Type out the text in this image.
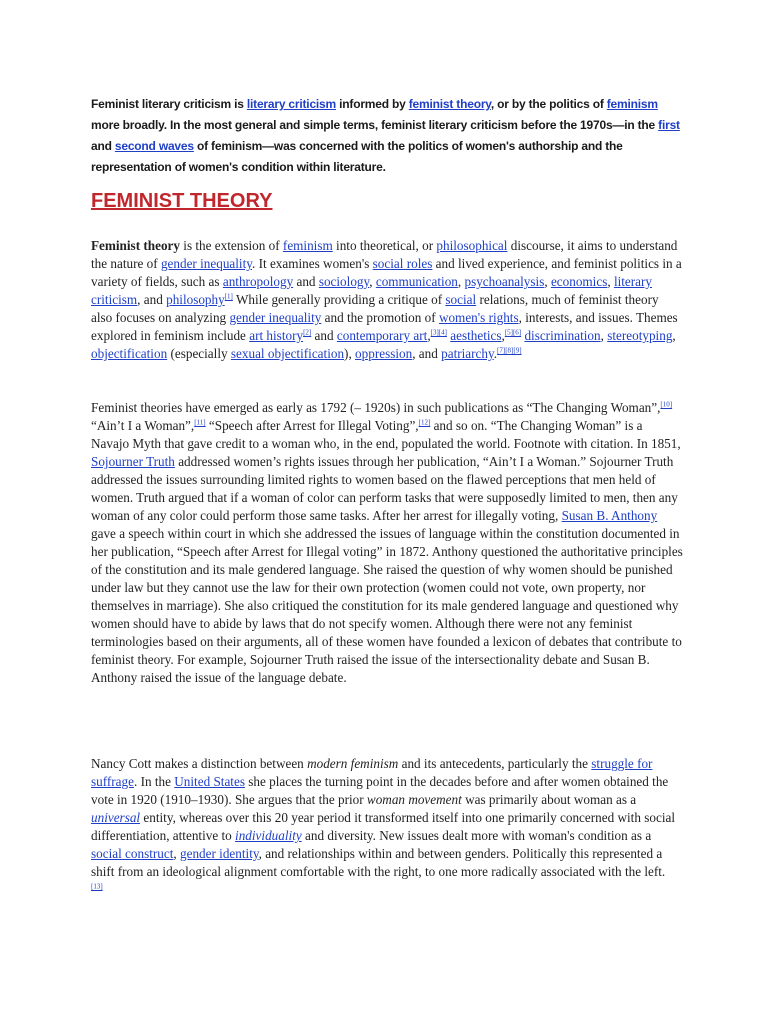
Feminist literary criticism is literary criticism informed by feminist theory, or by the politics of feminism more broadly. In the most general and simple terms, feminist literary criticism before the 1970s—in the first and second waves of feminism—was concerned with the politics of women's authorship and the representation of women's condition within literature.

FEMINIST THEORY

Feminist theory is the extension of feminism into theoretical, or philosophical discourse, it aims to understand the nature of gender inequality. It examines women's social roles and lived experience, and feminist politics in a variety of fields, such as anthropology and sociology, communication, psychoanalysis, economics, literary criticism, and philosophy[1] While generally providing a critique of social relations, much of feminist theory also focuses on analyzing gender inequality and the promotion of women's rights, interests, and issues. Themes explored in feminism include art history[2] and contemporary art,[3][4] aesthetics,[5][6] discrimination, stereotyping, objectification (especially sexual objectification), oppression, and patriarchy.[7][8][9]

Feminist theories have emerged as early as 1792 (– 1920s) in such publications as “The Changing Woman”,[10] “Ain’t I a Woman”,[11] “Speech after Arrest for Illegal Voting”,[12] and so on. “The Changing Woman” is a Navajo Myth that gave credit to a woman who, in the end, populated the world. Footnote with citation. In 1851, Sojourner Truth addressed women’s rights issues through her publication, “Ain’t I a Woman.” Sojourner Truth addressed the issues surrounding limited rights to women based on the flawed perceptions that men held of women. Truth argued that if a woman of color can perform tasks that were supposedly limited to men, then any woman of any color could perform those same tasks. After her arrest for illegally voting, Susan B. Anthony gave a speech within court in which she addressed the issues of language within the constitution documented in her publication, “Speech after Arrest for Illegal voting” in 1872. Anthony questioned the authoritative principles of the constitution and its male gendered language. She raised the question of why women should be punished under law but they cannot use the law for their own protection (women could not vote, own property, nor themselves in marriage). She also critiqued the constitution for its male gendered language and questioned why women should have to abide by laws that do not specify women. Although there were not any feminist terminologies based on their arguments, all of these women have founded a lexicon of debates that contribute to feminist theory. For example, Sojourner Truth raised the issue of the intersectionality debate and Susan B. Anthony raised the issue of the language debate.

Nancy Cott makes a distinction between modern feminism and its antecedents, particularly the struggle for suffrage. In the United States she places the turning point in the decades before and after women obtained the vote in 1920 (1910–1930). She argues that the prior woman movement was primarily about woman as a universal entity, whereas over this 20 year period it transformed itself into one primarily concerned with social differentiation, attentive to individuality and diversity. New issues dealt more with woman's condition as a social construct, gender identity, and relationships within and between genders. Politically this represented a shift from an ideological alignment comfortable with the right, to one more radically associated with the left.
[13]
